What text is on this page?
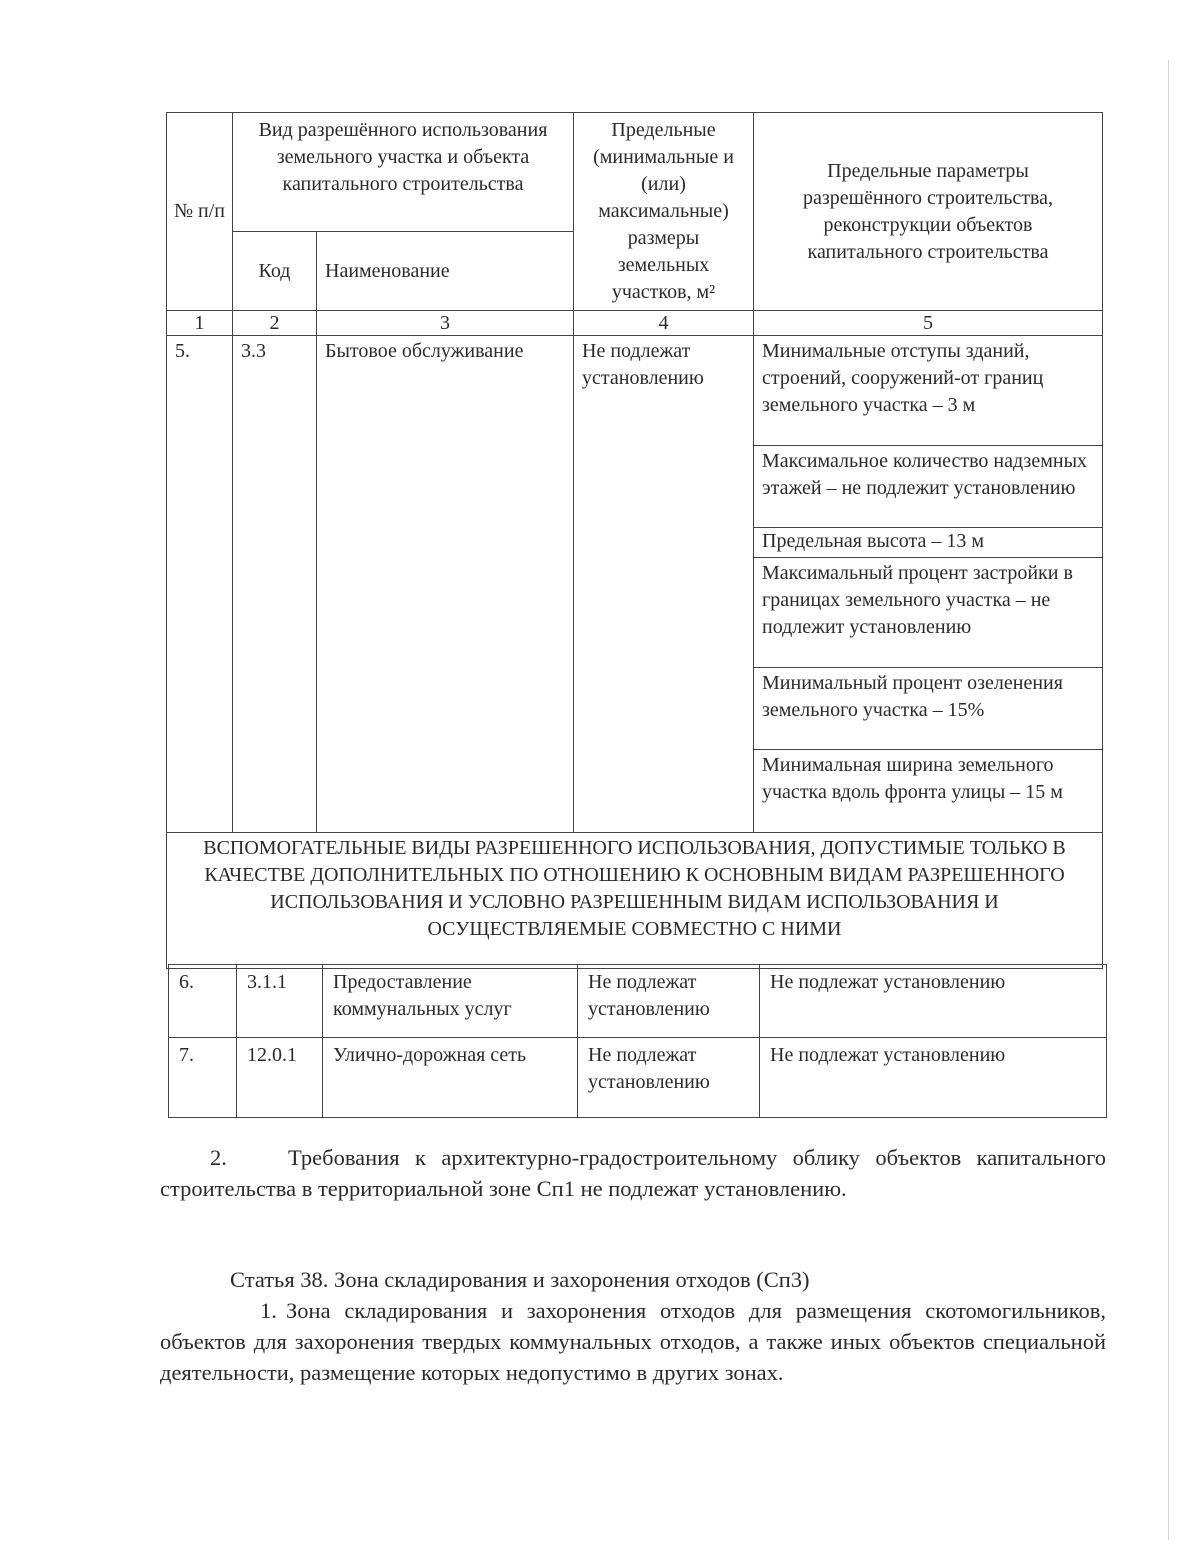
№ п/п	Вид разрешённого использования земельного участка и объекта капитального строительства		Предельные (минимальные и (или) максимальные) размеры земельных участков, м²	Предельные параметры разрешённого строительства, реконструкции объектов капитального строительства

	Код	Наименование		

1	2	3	4	5

5.	3.3	Бытовое обслуживание	Не подлежат установлению	Минимальные отступы зданий, строений, сооружений-от границ земельного участка – 3 м

				Максимальное количество надземных этажей – не подлежит установлению

				Предельная высота – 13 м

				Максимальный процент застройки в границах земельного участка – не подлежит установлению

				Минимальный процент озеленения земельного участка – 15%

				Минимальная ширина земельного участка вдоль фронта улицы – 15 м

ВСПОМОГАТЕЛЬНЫЕ ВИДЫ РАЗРЕШЕННОГО ИСПОЛЬЗОВАНИЯ, ДОПУСТИМЫЕ ТОЛЬКО В КАЧЕСТВЕ ДОПОЛНИТЕЛЬНЫХ ПО ОТНОШЕНИЮ К ОСНОВНЫМ ВИДАМ РАЗРЕШЕННОГО ИСПОЛЬЗОВАНИЯ И УСЛОВНО РАЗРЕШЕННЫМ ВИДАМ ИСПОЛЬЗОВАНИЯ И ОСУЩЕСТВЛЯЕМЫЕ СОВМЕСТНО С НИМИ				
6.	3.1.1	Предоставление коммунальных услуг	Не подлежат установлению	Не подлежат установлению
7.	12.0.1	Улично-дорожная сеть	Не подлежат установлению	Не подлежат установлению
2.	Требования к архитектурно-градостроительному облику объектов капитального строительства в территориальной зоне Сп1 не подлежат установлению.
Статья 38. Зона складирования и захоронения отходов (Сп3)
1. Зона складирования и захоронения отходов для размещения скотомогильников, объектов для захоронения твердых коммунальных отходов, а также иных объектов специальной деятельности, размещение которых недопустимо в других зонах.
